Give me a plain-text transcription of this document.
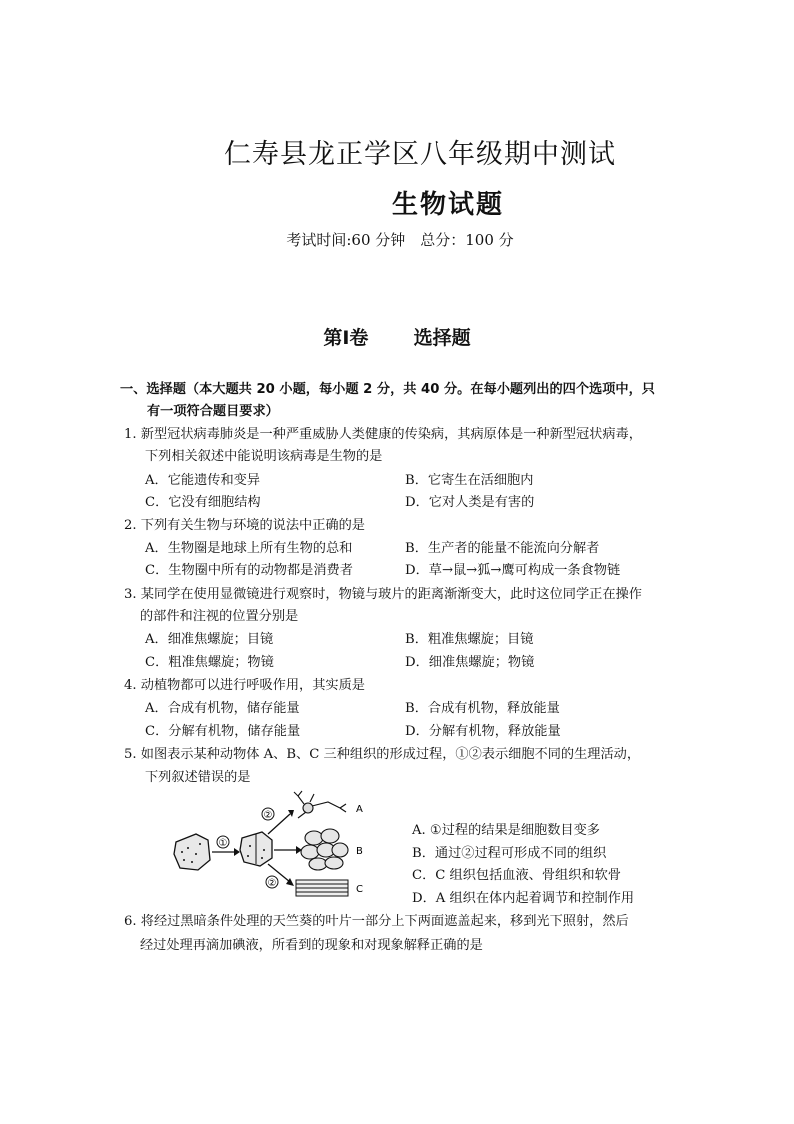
仁寿县龙正学区八年级期中测试
生物试题
考试时间:60 分钟　总分：100 分
第Ⅰ卷 选择题
一、选择题（本大题共 20 小题，每小题 2 分，共 40 分。在每小题列出的四个选项中，只
有一项符合题目要求）
1. 新型冠状病毒肺炎是一种严重威胁人类健康的传染病，其病原体是一种新型冠状病毒，
下列相关叙述中能说明该病毒是生物的是
A．它能遗传和变异	B．它寄生在活细胞内
C．它没有细胞结构	D．它对人类是有害的
2. 下列有关生物与环境的说法中正确的是
A．生物圈是地球上所有生物的总和	B．生产者的能量不能流向分解者
C．生物圈中所有的动物都是消费者	D．草→鼠→狐→鹰可构成一条食物链
3. 某同学在使用显微镜进行观察时，物镜与玻片的距离渐渐变大，此时这位同学正在操作
的部件和注视的位置分别是
A．细准焦螺旋；目镜	B．粗准焦螺旋；目镜
C．粗准焦螺旋；物镜	D．细准焦螺旋；物镜
4. 动植物都可以进行呼吸作用，其实质是
A．合成有机物，储存能量	B．合成有机物，释放能量
C．分解有机物，储存能量	D．分解有机物，释放能量
5. 如图表示某种动物体 A、B、C 三种组织的形成过程，①②表示细胞不同的生理活动，
下列叙述错误的是
①
②
②
A
B
C
A. ①过程的结果是细胞数目变多
B．通过②过程可形成不同的组织
C．C 组织包括血液、骨组织和软骨
D．A 组织在体内起着调节和控制作用
6. 将经过黑暗条件处理的天竺葵的叶片一部分上下两面遮盖起来，移到光下照射，然后
经过处理再滴加碘液，所看到的现象和对现象解释正确的是
